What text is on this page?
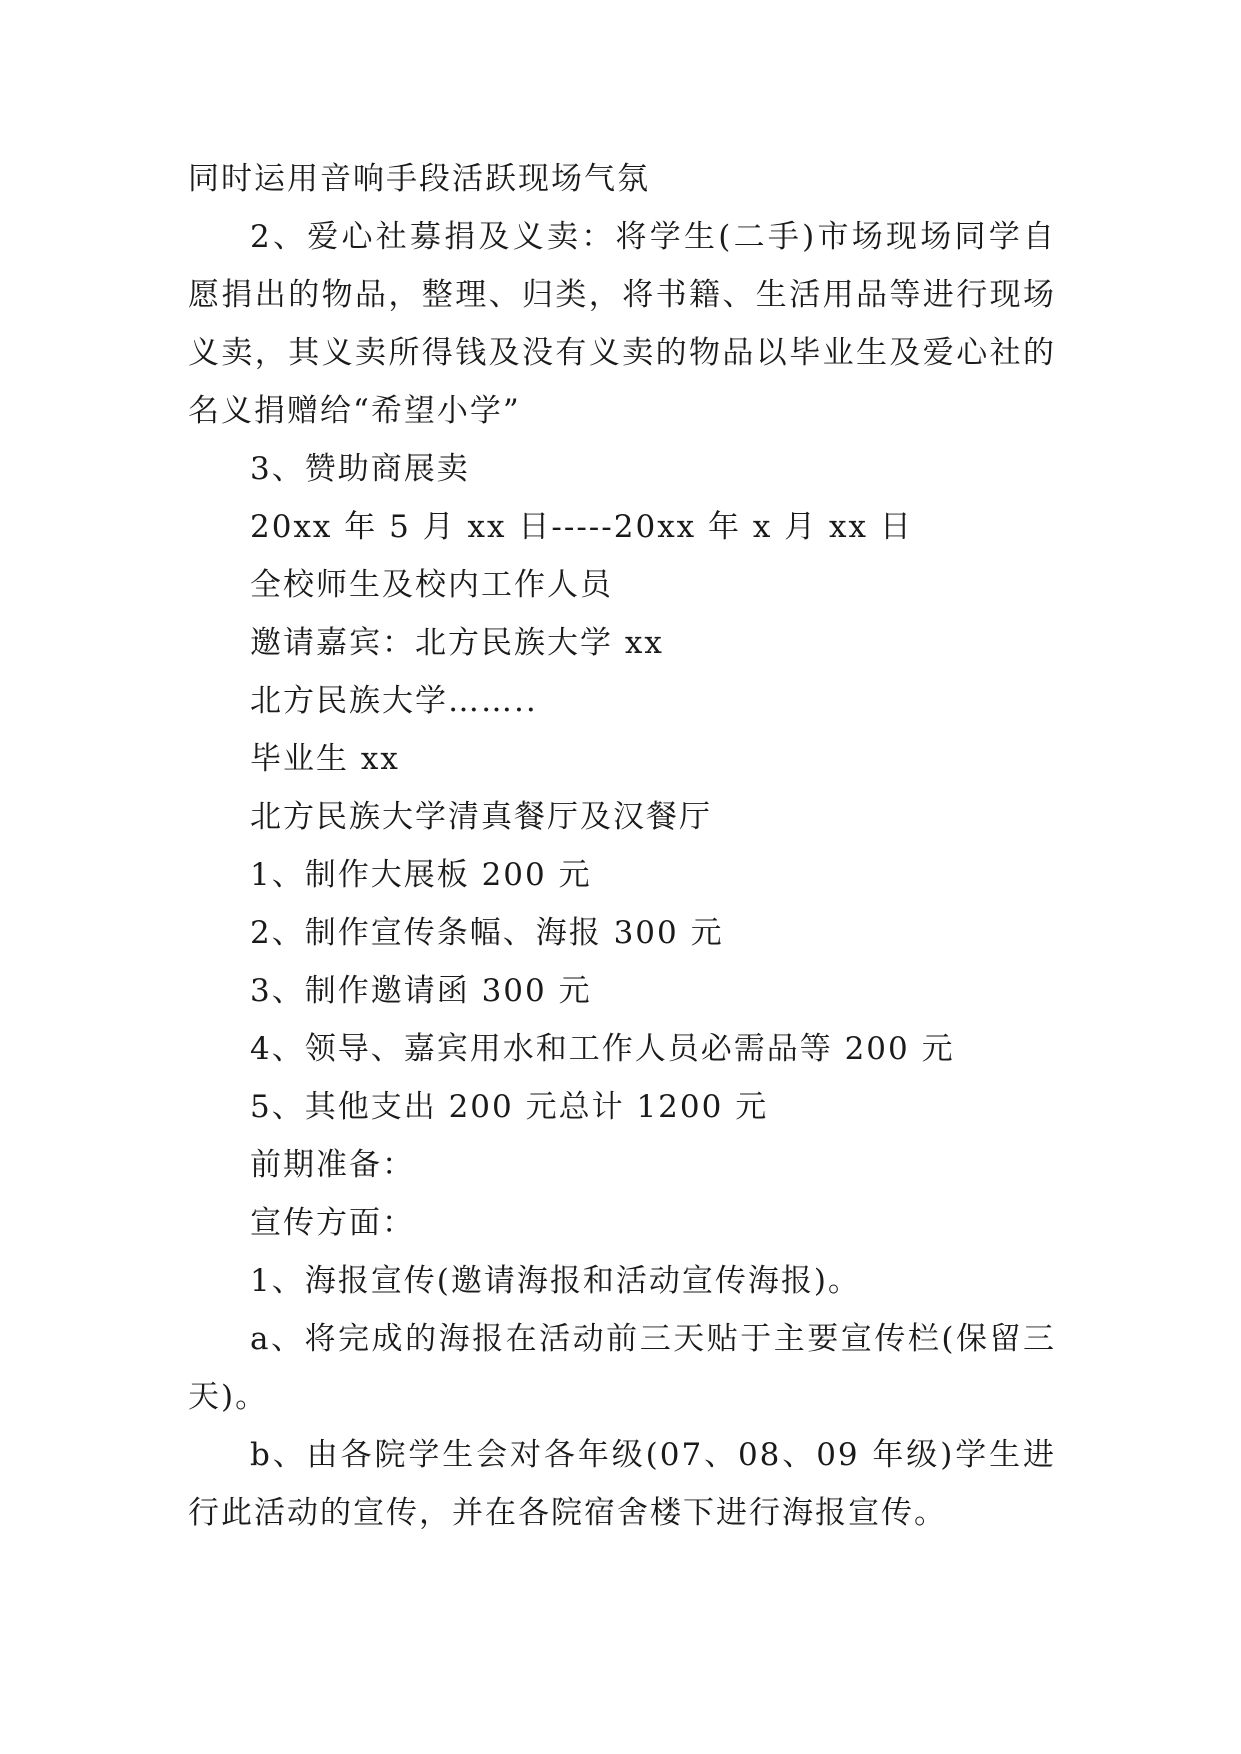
同时运用音响手段活跃现场气氛

2、爱心社募捐及义卖：将学生(二手)市场现场同学自愿捐出的物品，整理、归类，将书籍、生活用品等进行现场义卖，其义卖所得钱及没有义卖的物品以毕业生及爱心社的名义捐赠给“希望小学”

3、赞助商展卖

20xx 年 5 月 xx 日-----20xx 年 x 月 xx 日

全校师生及校内工作人员

邀请嘉宾：北方民族大学 xx

北方民族大学……..

毕业生 xx

北方民族大学清真餐厅及汉餐厅

1、制作大展板 200 元

2、制作宣传条幅、海报 300 元

3、制作邀请函 300 元

4、领导、嘉宾用水和工作人员必需品等 200 元

5、其他支出 200 元总计 1200 元

前期准备：

宣传方面：

1、海报宣传(邀请海报和活动宣传海报)。

a、将完成的海报在活动前三天贴于主要宣传栏(保留三天)。

b、由各院学生会对各年级(07、08、09 年级)学生进行此活动的宣传，并在各院宿舍楼下进行海报宣传。
